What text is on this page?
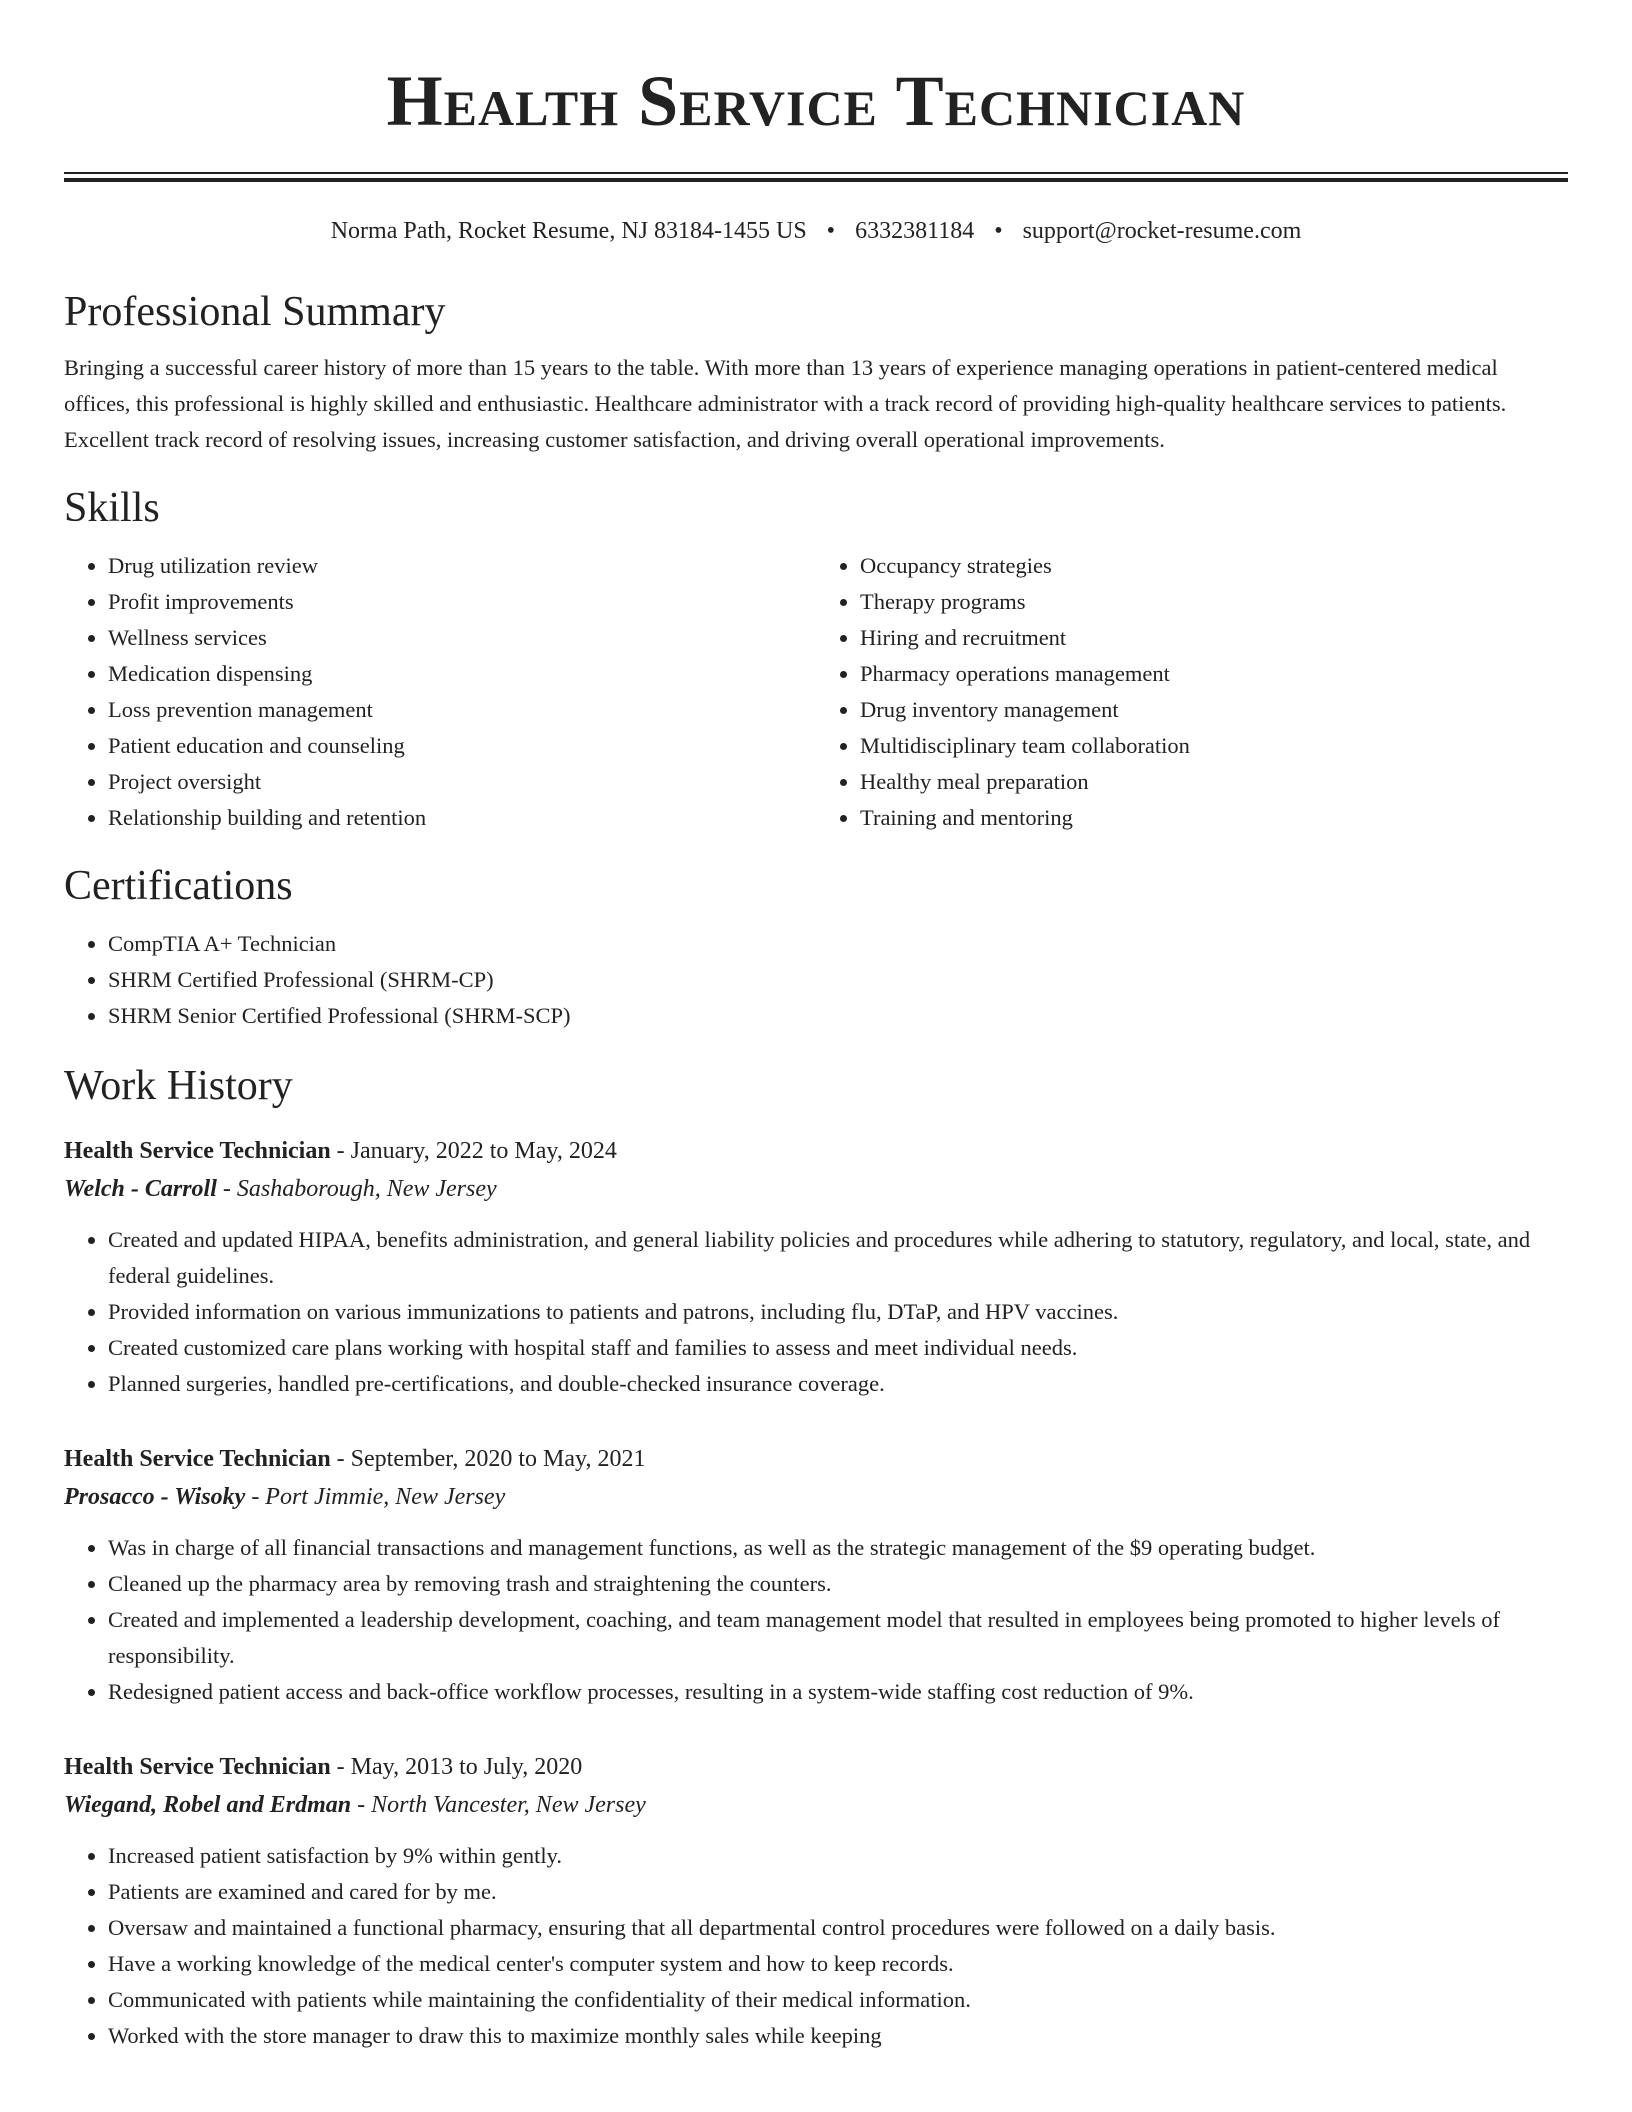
Health Service Technician
Norma Path, Rocket Resume, NJ 83184-1455 US • 6332381184 • support@rocket-resume.com
Professional Summary

Bringing a successful career history of more than 15 years to the table. With more than 13 years of experience managing operations in patient-centered medical offices, this professional is highly skilled and enthusiastic. Healthcare administrator with a track record of providing high-quality healthcare services to patients. Excellent track record of resolving issues, increasing customer satisfaction, and driving overall operational improvements.

Skills
• Drug utilization review
• Profit improvements
• Wellness services
• Medication dispensing
• Loss prevention management
• Patient education and counseling
• Project oversight
• Relationship building and retention
• Occupancy strategies
• Therapy programs
• Hiring and recruitment
• Pharmacy operations management
• Drug inventory management
• Multidisciplinary team collaboration
• Healthy meal preparation
• Training and mentoring
Certifications
• CompTIA A+ Technician
• SHRM Certified Professional (SHRM-CP)
• SHRM Senior Certified Professional (SHRM-SCP)
Work History
Health Service Technician - January, 2022 to May, 2024
Welch - Carroll - Sashaborough, New Jersey
• Created and updated HIPAA, benefits administration, and general liability policies and procedures while adhering to statutory, regulatory, and local, state, and federal guidelines.
• Provided information on various immunizations to patients and patrons, including flu, DTaP, and HPV vaccines.
• Created customized care plans working with hospital staff and families to assess and meet individual needs.
• Planned surgeries, handled pre-certifications, and double-checked insurance coverage.
Health Service Technician - September, 2020 to May, 2021
Prosacco - Wisoky - Port Jimmie, New Jersey
• Was in charge of all financial transactions and management functions, as well as the strategic management of the $9 operating budget.
• Cleaned up the pharmacy area by removing trash and straightening the counters.
• Created and implemented a leadership development, coaching, and team management model that resulted in employees being promoted to higher levels of responsibility.
• Redesigned patient access and back-office workflow processes, resulting in a system-wide staffing cost reduction of 9%.
Health Service Technician - May, 2013 to July, 2020
Wiegand, Robel and Erdman - North Vancester, New Jersey
• Increased patient satisfaction by 9% within gently.
• Patients are examined and cared for by me.
• Oversaw and maintained a functional pharmacy, ensuring that all departmental control procedures were followed on a daily basis.
• Have a working knowledge of the medical center's computer system and how to keep records.
• Communicated with patients while maintaining the confidentiality of their medical information.
• Worked with the store manager to draw this to maximize monthly sales while keeping
